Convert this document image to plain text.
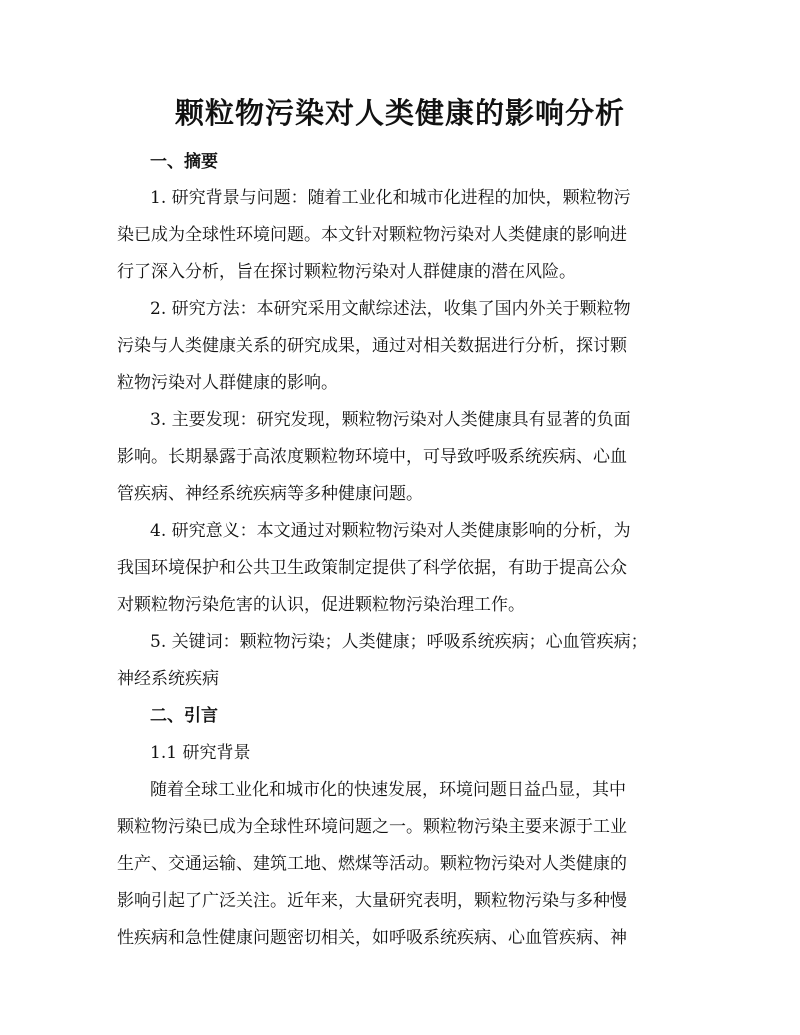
颗粒物污染对人类健康的影响分析
一、摘要
1. 研究背景与问题：随着工业化和城市化进程的加快，颗粒物污
染已成为全球性环境问题。本文针对颗粒物污染对人类健康的影响进
行了深入分析，旨在探讨颗粒物污染对人群健康的潜在风险。
2. 研究方法：本研究采用文献综述法，收集了国内外关于颗粒物
污染与人类健康关系的研究成果，通过对相关数据进行分析，探讨颗
粒物污染对人群健康的影响。
3. 主要发现：研究发现，颗粒物污染对人类健康具有显著的负面
影响。长期暴露于高浓度颗粒物环境中，可导致呼吸系统疾病、心血
管疾病、神经系统疾病等多种健康问题。
4. 研究意义：本文通过对颗粒物污染对人类健康影响的分析，为
我国环境保护和公共卫生政策制定提供了科学依据，有助于提高公众
对颗粒物污染危害的认识，促进颗粒物污染治理工作。
5. 关键词：颗粒物污染；人类健康；呼吸系统疾病；心血管疾病；
神经系统疾病
二、引言
1.1 研究背景
随着全球工业化和城市化的快速发展，环境问题日益凸显，其中
颗粒物污染已成为全球性环境问题之一。颗粒物污染主要来源于工业
生产、交通运输、建筑工地、燃煤等活动。颗粒物污染对人类健康的
影响引起了广泛关注。近年来，大量研究表明，颗粒物污染与多种慢
性疾病和急性健康问题密切相关，如呼吸系统疾病、心血管疾病、神
